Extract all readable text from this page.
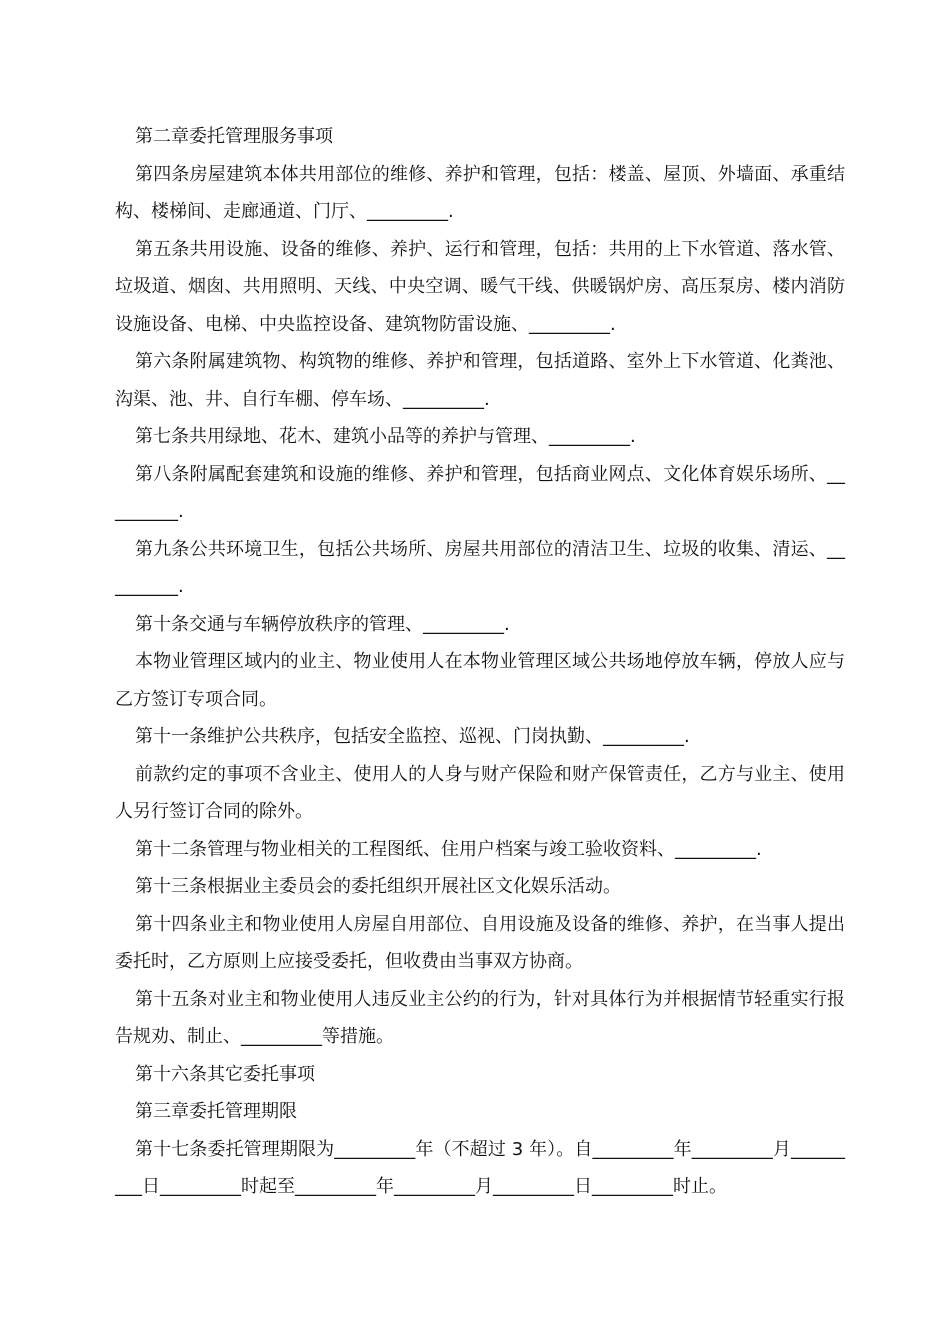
第二章委托管理服务事项

第四条房屋建筑本体共用部位的维修、养护和管理，包括：楼盖、屋顶、外墙面、承重结构、楼梯间、走廊通道、门厅、_________.

第五条共用设施、设备的维修、养护、运行和管理，包括：共用的上下水管道、落水管、垃圾道、烟囱、共用照明、天线、中央空调、暖气干线、供暖锅炉房、高压泵房、楼内消防设施设备、电梯、中央监控设备、建筑物防雷设施、_________.

第六条附属建筑物、构筑物的维修、养护和管理，包括道路、室外上下水管道、化粪池、沟渠、池、井、自行车棚、停车场、_________.

第七条共用绿地、花木、建筑小品等的养护与管理、_________.

第八条附属配套建筑和设施的维修、养护和管理，包括商业网点、文化体育娱乐场所、_________.

第九条公共环境卫生，包括公共场所、房屋共用部位的清洁卫生、垃圾的收集、清运、_________.

第十条交通与车辆停放秩序的管理、_________.

本物业管理区域内的业主、物业使用人在本物业管理区域公共场地停放车辆，停放人应与乙方签订专项合同。

第十一条维护公共秩序，包括安全监控、巡视、门岗执勤、_________.

前款约定的事项不含业主、使用人的人身与财产保险和财产保管责任，乙方与业主、使用人另行签订合同的除外。

第十二条管理与物业相关的工程图纸、住用户档案与竣工验收资料、_________.

第十三条根据业主委员会的委托组织开展社区文化娱乐活动。

第十四条业主和物业使用人房屋自用部位、自用设施及设备的维修、养护，在当事人提出委托时，乙方原则上应接受委托，但收费由当事双方协商。

第十五条对业主和物业使用人违反业主公约的行为，针对具体行为并根据情节轻重实行报告规劝、制止、_________等措施。

第十六条其它委托事项

第三章委托管理期限

第十七条委托管理期限为_________年（不超过 3 年）。自_________年_________月_________日_________时起至_________年_________月_________日_________时止。
